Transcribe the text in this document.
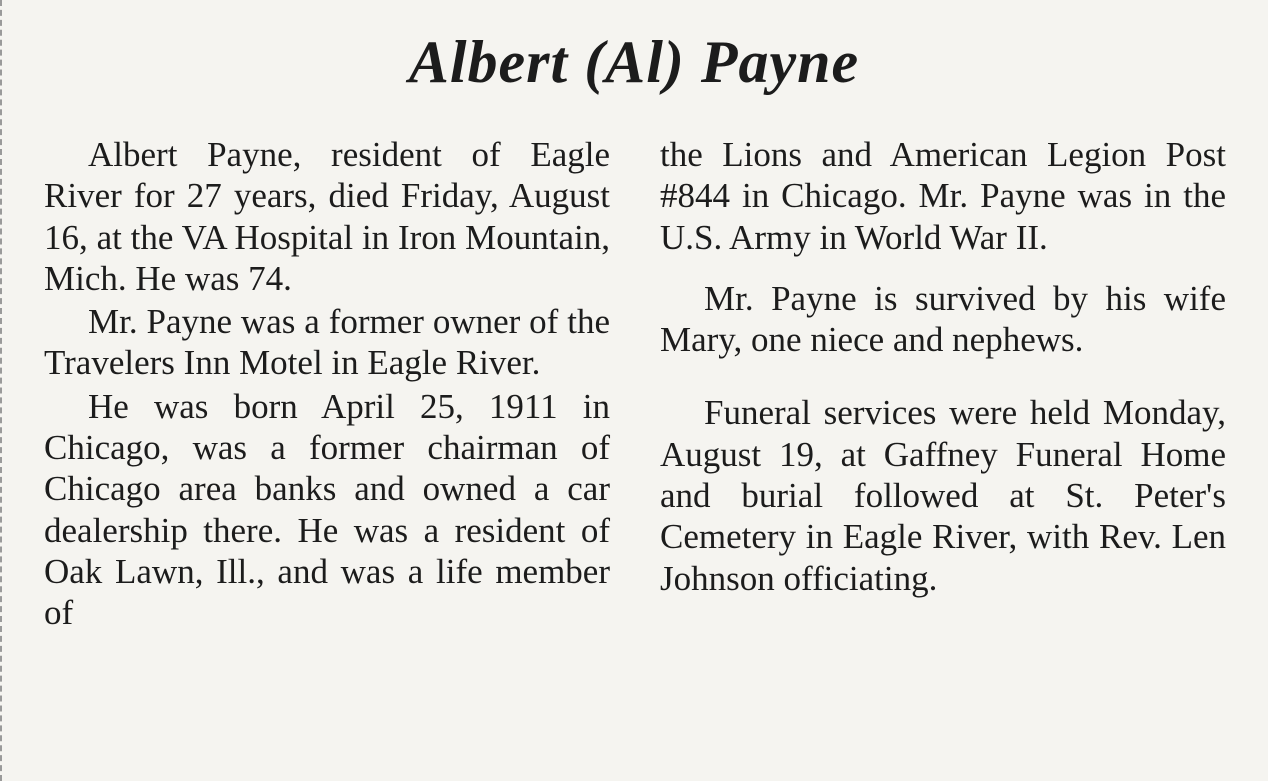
Albert (Al) Payne

Albert Payne, resident of Eagle River for 27 years, died Friday, August 16, at the VA Hospital in Iron Mountain, Mich. He was 74.

Mr. Payne was a former owner of the Travelers Inn Motel in Eagle River.

He was born April 25, 1911 in Chicago, was a former chairman of Chicago area banks and owned a car dealership there. He was a resident of Oak Lawn, Ill., and was a life member of

the Lions and American Legion Post #844 in Chicago. Mr. Payne was in the U.S. Army in World War II.

Mr. Payne is survived by his wife Mary, one niece and nephews.

Funeral services were held Monday, August 19, at Gaffney Funeral Home and burial followed at St. Peter's Cemetery in Eagle River, with Rev. Len Johnson officiating.
